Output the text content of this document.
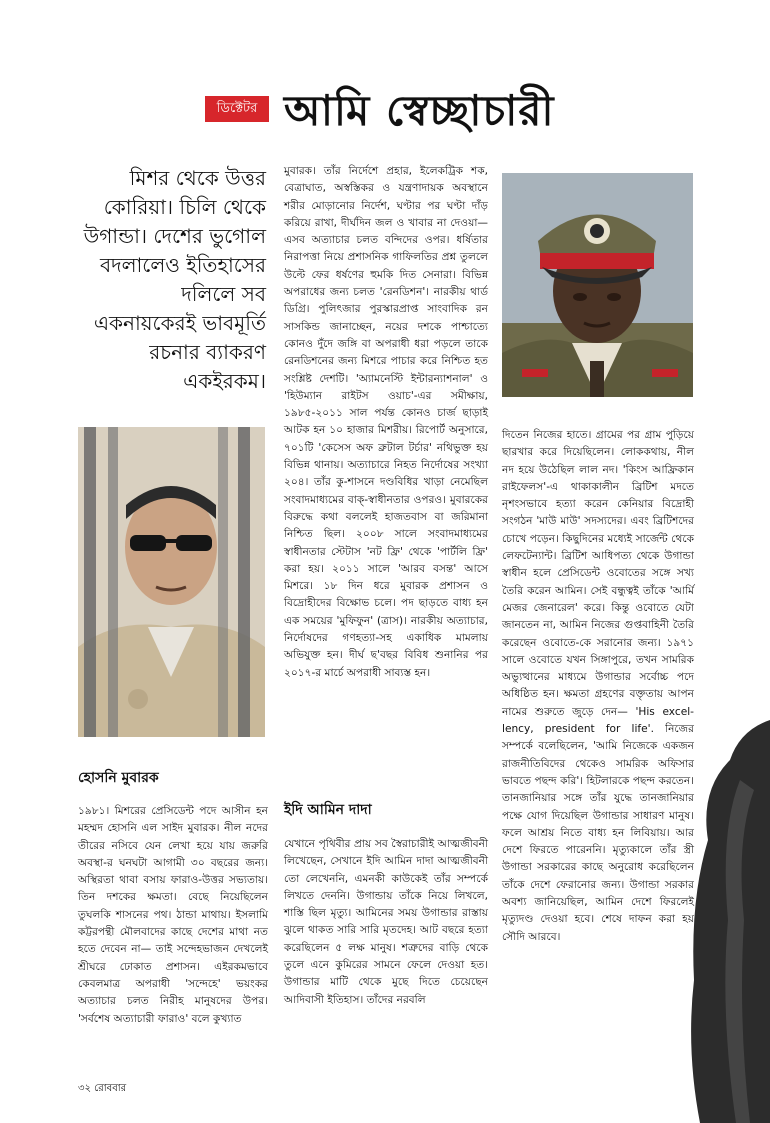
ডিক্টেটর আমি স্বেচ্ছাচারী
মিশর থেকে উত্তর কোরিয়া। চিলি থেকে উগান্ডা। দেশের ভুগোল বদলালেও ইতিহাসের দলিলে সব একনায়কেরই ভাবমূর্তি রচনার ব্যাকরণ একইরকম।
মুবারক। তাঁর নির্দেশে প্রহার, ইলেকট্রিক শক, বেত্রাঘাত, অস্বস্তিকর ও যন্ত্রণাদায়ক অবস্থানে শরীর মোড়ানোর নির্দেশ, ঘণ্টার পর ঘণ্টা দাঁড় করিয়ে রাখা, দীর্ঘদিন জল ও খাবার না দেওয়া— এসব অত্যাচার চলত বন্দিদের ওপর। ধর্ষিতার নিরাপত্তা নিয়ে প্রশাসনিক গাফিলতির প্রশ্ন তুললে উল্টে ফের ধর্ষণের হুমকি দিত সেনারা। বিভিন্ন অপরাধের জন্য চলত 'রেনডিশন'। নারকীয় থার্ড ডিগ্রি। পুলিৎজার পুরস্কারপ্রাপ্ত সাংবাদিক রন সাসকিন্ড জানাচ্ছেন, নয়ের দশকে পাশ্চাত্যে কোনও দুঁদে জঙ্গি বা অপরাধী ধরা পড়লে তাকে রেনডিশনের জন্য মিশরে পাচার করে নিশ্চিত হত সংশ্লিষ্ট দেশটি। 'অ্যামনেস্টি ইন্টারন্যাশনাল' ও 'হিউম্যান রাইটস ওয়াচ'-এর সমীক্ষায়, ১৯৮৫-২০১১ সাল পর্যন্ত কোনও চার্জ ছাড়াই আটক হন ১০ হাজার মিশরীয়। রিপোর্ট অনুসারে, ৭০১টি 'কেসেস অফ ব্রুটাল টর্চার' নথিভুক্ত হয় বিভিন্ন থানায়। অত্যাচারে নিহত নির্দোষের সংখ্যা ২০৪। তাঁর কু-শাসনে দণ্ডবিধির খাড়া নেমেছিল সংবাদমাধ্যমের বাক্-স্বাধীনতার ওপরও। মুবারকের বিরুদ্ধে কথা বললেই হাজতবাস বা জরিমানা নিশ্চিত ছিল। ২০০৮ সালে সংবাদমাধ্যমের স্বাধীনতার স্টেটাস 'নট ফ্রি' থেকে 'পার্টলি ফ্রি' করা হয়। ২০১১ সালে 'আরব বসন্ত' আসে মিশরে। ১৮ দিন ধরে মুবারক প্রশাসন ও বিদ্রোহীদের বিক্ষোভ চলে। পদ ছাড়তে বাধ্য হন এক সময়ের 'মুফিফুন' (ত্রাস)। নারকীয় অত্যাচার, নির্দোষদের গণহত্যা-সহ একাধিক মামলায় অভিযুক্ত হন। দীর্ঘ ছ'বছর বিবিধ শুনানির পর ২০১৭-র মার্চে অপরাধী সাব্যস্ত হন।
হোসনি মুবারক
১৯৮১। মিশরের প্রেসিডেন্ট পদে আসীন হন মহম্মদ হোসনি এল সাইদ মুবারক। নীল নদের তীরের নসিবে যেন লেখা হয়ে যায় জরুরি অবস্থা-র ঘনঘটা আগামী ৩০ বছরের জন্য। অস্থিরতা থাবা বসায় ফারাও-উত্তর সভ্যতায়। তিন দশকের ক্ষমতা। বেছে নিয়েছিলেন তুঘলকি শাসনের পথ। ঠান্ডা মাথায়। ইসলামি কট্টরপন্থী মৌলবাদের কাছে দেশের মাথা নত হতে দেবেন না— তাই সন্দেহভাজন দেখলেই শ্রীঘরে ঢোকাত প্রশাসন। এইরকমভাবে কেবলমাত্র অপরাধী 'সন্দেহে' ভয়ংকর অত্যাচার চলত নিরীহ মানুষদের উপর। 'সর্বশেষ অত্যাচারী ফারাও' বলে কুখ্যাত
ইদি আমিন দাদা
যেখানে পৃথিবীর প্রায় সব স্বৈরাচারীই আত্মজীবনী লিখেছেন, সেখানে ইদি আমিন দাদা আত্মজীবনী তো লেখেননি, এমনকী কাউকেই তাঁর সম্পর্কে লিখতে দেননি। উগান্ডায় তাঁকে নিয়ে লিখলে, শাস্তি ছিল মৃত্যু। আমিনের সময় উগান্ডার রাস্তায় ঝুলে থাকত সারি সারি মৃতদেহ। আট বছরে হত্যা করেছিলেন ৫ লক্ষ মানুষ। শত্রুদের বাড়ি থেকে তুলে এনে কুমিরের সামনে ফেলে দেওয়া হত। উগান্ডার মাটি থেকে মুছে দিতে চেয়েছেন আদিবাসী ইতিহাস। তাঁদের নরবলি
দিতেন নিজের হাতে। গ্রামের পর গ্রাম পুড়িয়ে ছারখার করে দিয়েছিলেন। লোককথায়, নীল নদ হয়ে উঠেছিল লাল নদ। 'কিংস আফ্রিকান রাইফেলস'-এ থাকাকালীন ব্রিটিশ মদতে নৃশংসভাবে হত্যা করেন কেনিয়ার বিদ্রোহী সংগঠন 'মাউ মাউ' সদস্যদের। এবং ব্রিটিশদের চোখে পড়েন। কিছুদিনের মধ্যেই সার্জেন্ট থেকে লেফটেন্যান্ট। ব্রিটিশ আধিপত্য থেকে উগান্ডা স্বাধীন হলে প্রেসিডেন্ট ওবোতের সঙ্গে সখ্য তৈরি করেন আমিন। সেই বন্ধুত্বই তাঁকে 'আর্মি মেজর জেনারেল' করে। কিন্তু ওবোতে যেটা জানতেন না, আমিন নিজের গুপ্তবাহিনী তৈরি করেছেন ওবোতে-কে সরানোর জন্য। ১৯৭১ সালে ওবোতে যখন সিঙ্গাপুরে, তখন সামরিক অভ্যুত্থানের মাধ্যমে উগান্ডার সর্বোচ্চ পদে অধিষ্ঠিত হন। ক্ষমতা গ্রহণের বক্তৃতায় আপন নামের শুরুতে জুড়ে দেন— 'His excel-lency, president for life'. নিজের সম্পর্কে বলেছিলেন, 'আমি নিজেকে একজন রাজনীতিবিদের থেকেও সামরিক অফিসার ভাবতে পছন্দ করি'। হিটলারকে পছন্দ করতেন। তানজানিয়ার সঙ্গে তাঁর যুদ্ধে তানজানিয়ার পক্ষে যোগ দিয়েছিল উগান্ডার সাধারণ মানুষ। ফলে আশ্রয় নিতে বাধ্য হন লিবিয়ায়। আর দেশে ফিরতে পারেননি। মৃত্যুকালে তাঁর স্ত্রী উগান্ডা সরকারের কাছে অনুরোধ করেছিলেন তাঁকে দেশে ফেরানোর জন্য। উগান্ডা সরকার অবশ্য জানিয়েছিল, আমিন দেশে ফিরলেই মৃত্যুদণ্ড দেওয়া হবে। শেষে দাফন করা হয় সৌদি আরবে।
৩২ রোববার
